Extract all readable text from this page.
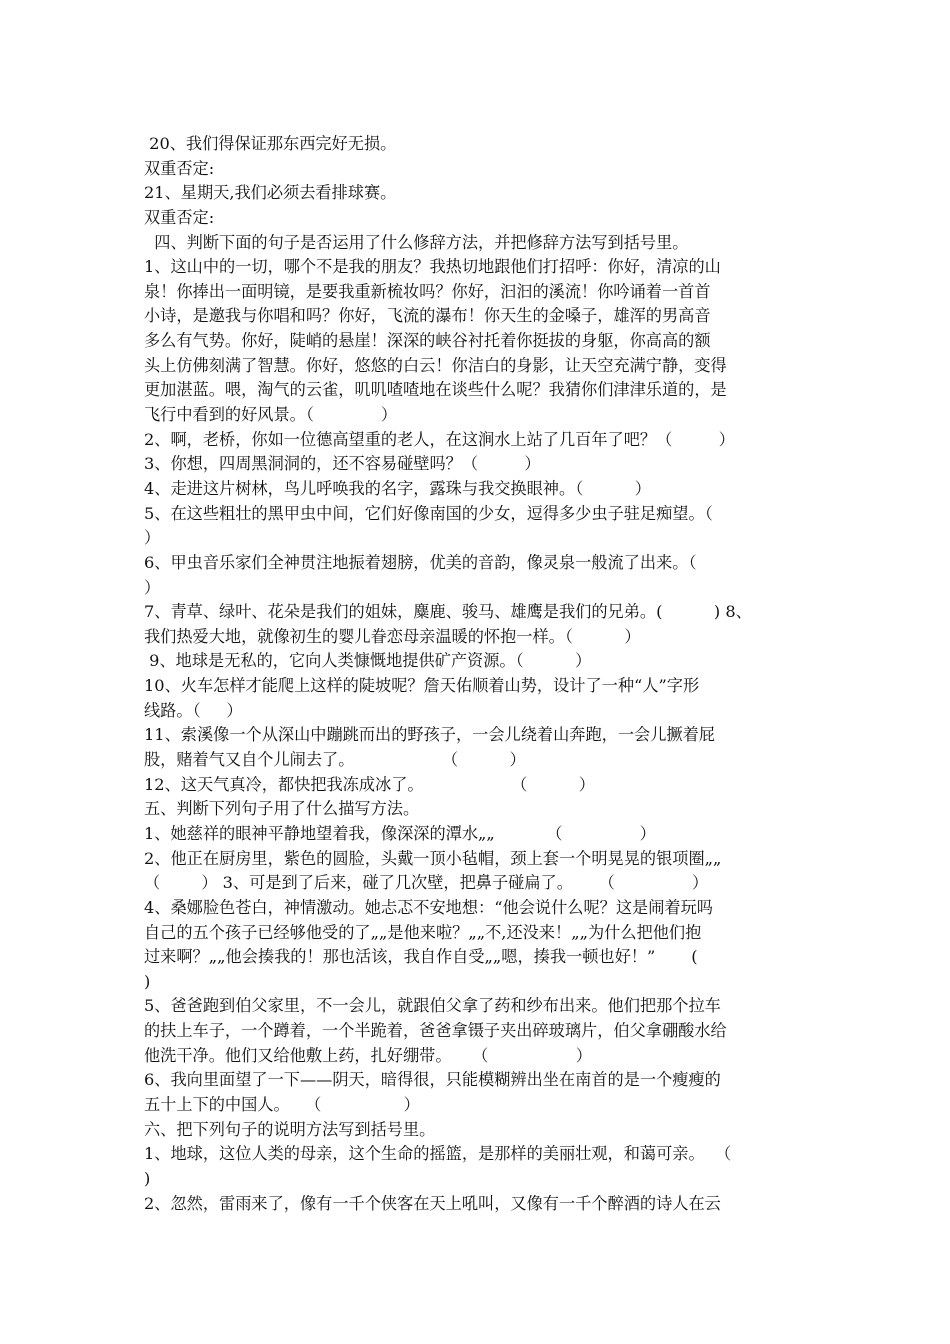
20、我们得保证那东西完好无损。
双重否定:
21、星期天,我们必须去看排球赛。
双重否定:
四、判断下面的句子是否运用了什么修辞方法，并把修辞方法写到括号里。
1、这山中的一切，哪个不是我的朋友？我热切地跟他们打招呼：你好，清凉的山
泉！你捧出一面明镜，是要我重新梳妆吗？你好，汩汩的溪流！你吟诵着一首首
小诗，是邀我与你唱和吗？你好，飞流的瀑布！你天生的金嗓子，雄浑的男高音
多么有气势。你好，陡峭的悬崖！深深的峡谷衬托着你挺拔的身躯，你高高的额
头上仿佛刻满了智慧。你好，悠悠的白云！你洁白的身影，让天空充满宁静，变得
更加湛蓝。喂，淘气的云雀，叽叽喳喳地在谈些什么呢？我猜你们津津乐道的，是
飞行中看到的好风景。（             ）
2、啊，老桥，你如一位德高望重的老人，在这涧水上站了几百年了吧？（         ）
3、你想，四周黑洞洞的，还不容易碰壁吗？（         ）
4、走进这片树林，鸟儿呼唤我的名字，露珠与我交换眼神。（          ）
5、在这些粗壮的黑甲虫中间，它们好像南国的少女，逗得多少虫子驻足痴望。（
）
6、甲虫音乐家们全神贯注地振着翅膀，优美的音韵，像灵泉一般流了出来。（
）
7、青草、绿叶、花朵是我们的姐妹，麋鹿、骏马、雄鹰是我们的兄弟。(          ) 8、
我们热爱大地，就像初生的婴儿眷恋母亲温暖的怀抱一样。（          ）
9、地球是无私的，它向人类慷慨地提供矿产资源。（          ）
10、火车怎样才能爬上这样的陡坡呢？詹天佑顺着山势，设计了一种“人”字形
线路。（     ）
11、索溪像一个从深山中蹦跳而出的野孩子，一会儿绕着山奔跑，一会儿撅着屁
股，赌着气又自个儿闹去了。                 （          ）
12、这天气真冷，都快把我冻成冰了。                 （          ）
五、判断下列句子用了什么描写方法。
1、她慈祥的眼神平静地望着我，像深深的潭水„„          （               ）
2、他正在厨房里，紫色的圆脸，头戴一顶小毡帽，颈上套一个明晃晃的银项圈„„
（        ） 3、可是到了后来，碰了几次壁，把鼻子碰扁了。     （               ）
4、桑娜脸色苍白，神情激动。她忐忑不安地想：“他会说什么呢？这是闹着玩吗
自己的五个孩子已经够他受的了„„是他来啦？„„不,还没来！„„为什么把他们抱
过来啊？„„他会揍我的！那也活该，我自作自受„„嗯，揍我一顿也好！”       (
)
5、爸爸跑到伯父家里，不一会儿，就跟伯父拿了药和纱布出来。他们把那个拉车
的扶上车子，一个蹲着，一个半跪着，爸爸拿镊子夹出碎玻璃片，伯父拿硼酸水给
他洗干净。他们又给他敷上药，扎好绷带。    （                 ）
6、我向里面望了一下——阴天，暗得很，只能模糊辨出坐在南首的是一个瘦瘦的
五十上下的中国人。   （                ）
六、把下列句子的说明方法写到括号里。
1、地球，这位人类的母亲，这个生命的摇篮，是那样的美丽壮观，和蔼可亲。  （
)
2、忽然，雷雨来了，像有一千个侠客在天上吼叫，又像有一千个醉酒的诗人在云
